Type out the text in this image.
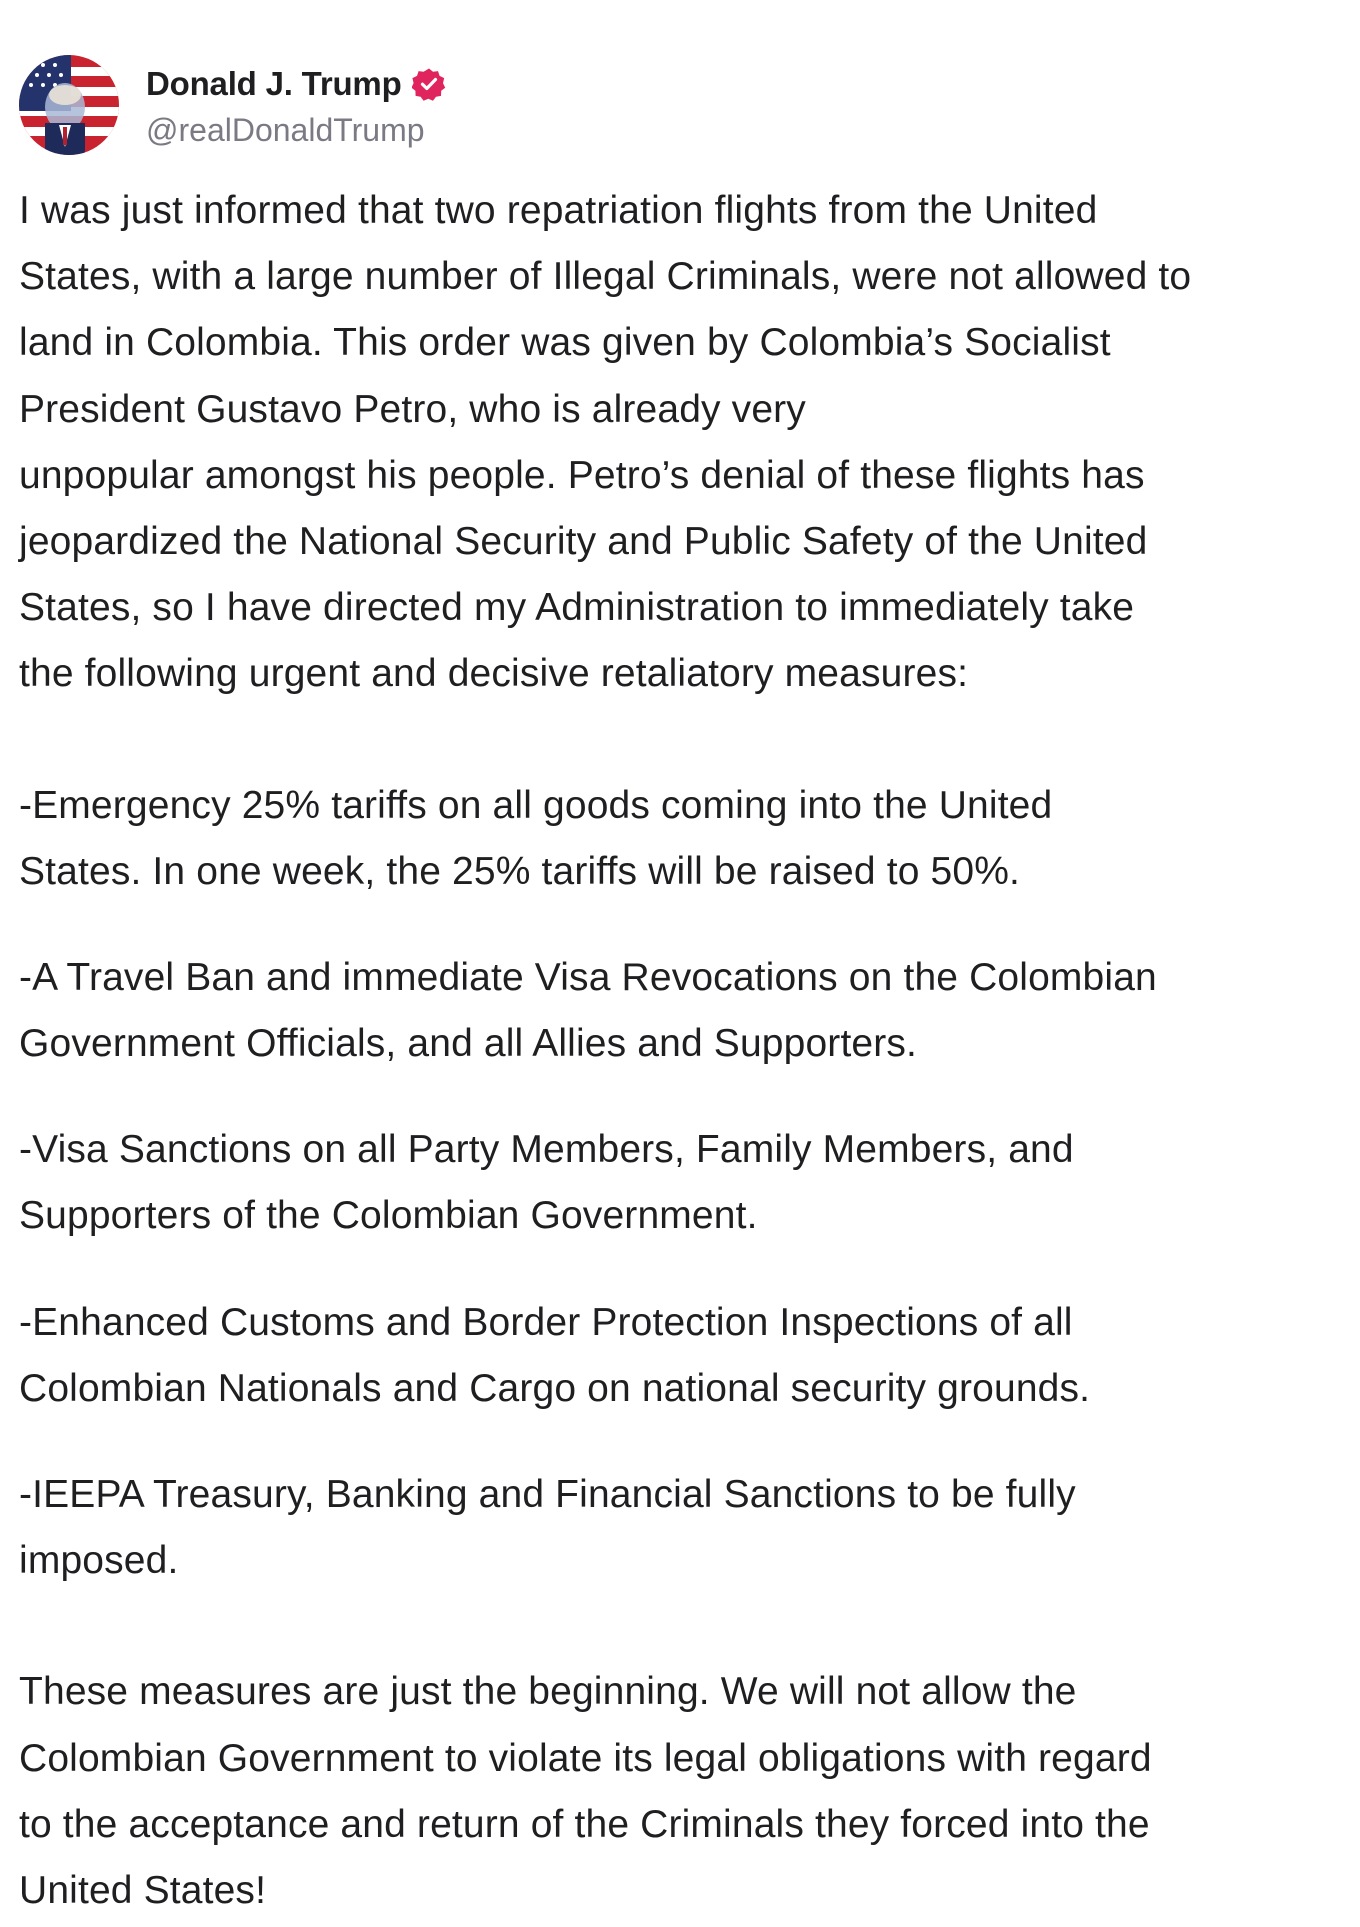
Donald J. Trump
@realDonaldTrump
I was just informed that two repatriation flights from the United
States, with a large number of Illegal Criminals, were not allowed to
land in Colombia. This order was given by Colombia’s Socialist
President Gustavo Petro, who is already very
unpopular amongst his people. Petro’s denial of these flights has
jeopardized the National Security and Public Safety of the United
States, so I have directed my Administration to immediately take
the following urgent and decisive retaliatory measures:
-Emergency 25% tariffs on all goods coming into the United
States. In one week, the 25% tariffs will be raised to 50%.
-A Travel Ban and immediate Visa Revocations on the Colombian
Government Officials, and all Allies and Supporters.
-Visa Sanctions on all Party Members, Family Members, and
Supporters of the Colombian Government.
-Enhanced Customs and Border Protection Inspections of all
Colombian Nationals and Cargo on national security grounds.
-IEEPA Treasury, Banking and Financial Sanctions to be fully
imposed.
These measures are just the beginning. We will not allow the
Colombian Government to violate its legal obligations with regard
to the acceptance and return of the Criminals they forced into the
United States!
